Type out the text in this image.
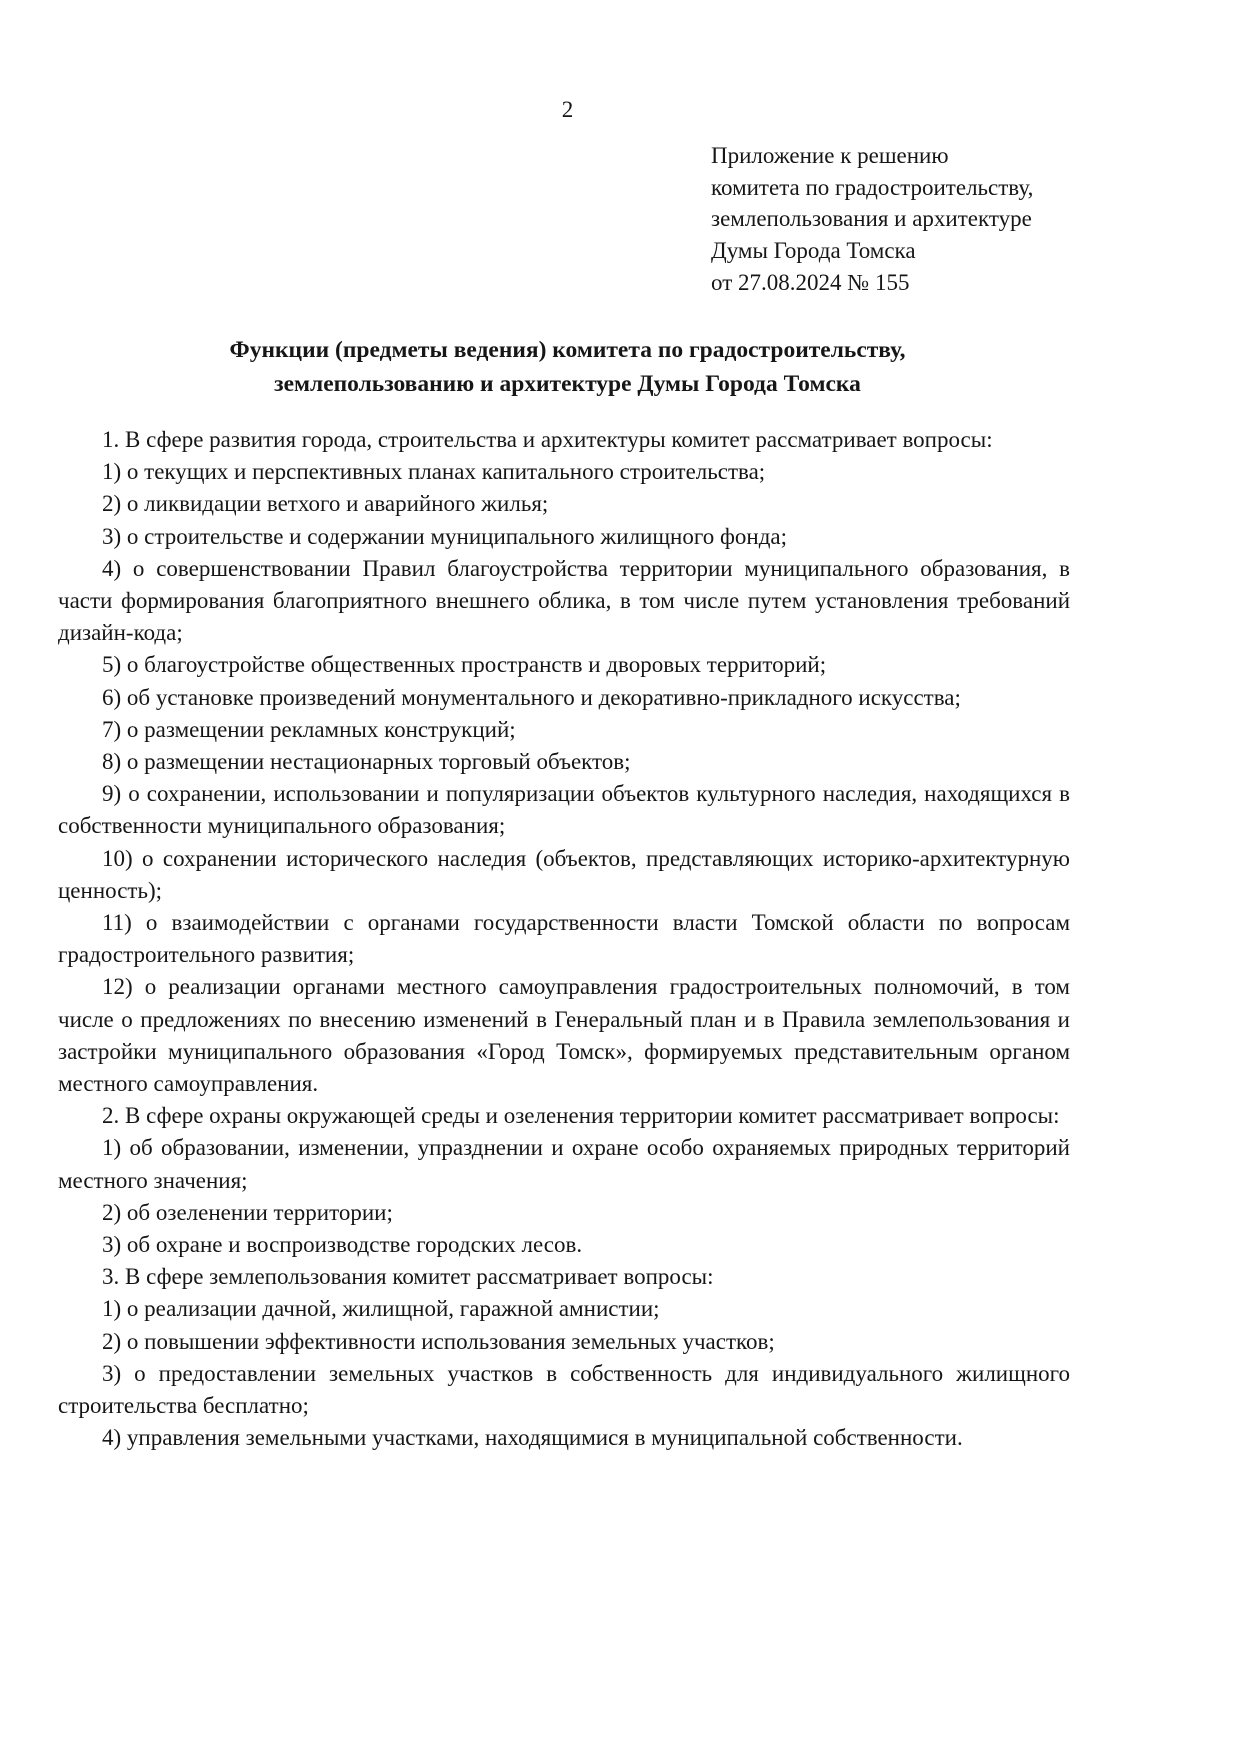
2
Приложение к решению
комитета по градостроительству,
землепользования и архитектуре
Думы Города Томска
от 27.08.2024 № 155
Функции (предметы ведения) комитета по градостроительству,
землепользованию и архитектуре Думы Города Томска

1. В сфере развития города, строительства и архитектуры комитет рассматривает вопросы:

1) о текущих и перспективных планах капитального строительства;

2) о ликвидации ветхого и аварийного жилья;

3) о строительстве и содержании муниципального жилищного фонда;

4) о совершенствовании Правил благоустройства территории муниципального образования, в части формирования благоприятного внешнего облика, в том числе путем установления требований дизайн-кода;

5) о благоустройстве общественных пространств и дворовых территорий;

6) об установке произведений монументального и декоративно-прикладного искусства;

7) о размещении рекламных конструкций;

8) о размещении нестационарных торговый объектов;

9) о сохранении, использовании и популяризации объектов культурного наследия, находящихся в собственности муниципального образования;

10) о сохранении исторического наследия (объектов, представляющих историко-архитектурную ценность);

11) о взаимодействии с органами государственности власти Томской области по вопросам градостроительного развития;

12) о реализации органами местного самоуправления градостроительных полномочий, в том числе о предложениях по внесению изменений в Генеральный план и в Правила землепользования и застройки муниципального образования «Город Томск», формируемых представительным органом местного самоуправления.

2. В сфере охраны окружающей среды и озеленения территории комитет рассматривает вопросы:

1) об образовании, изменении, упразднении и охране особо охраняемых природных территорий местного значения;

2) об озеленении территории;

3) об охране и воспроизводстве городских лесов.

3. В сфере землепользования комитет рассматривает вопросы:

1) о реализации дачной, жилищной, гаражной амнистии;

2) о повышении эффективности использования земельных участков;

3) о предоставлении земельных участков в собственность для индивидуального жилищного строительства бесплатно;

4) управления земельными участками, находящимися в муниципальной собственности.
